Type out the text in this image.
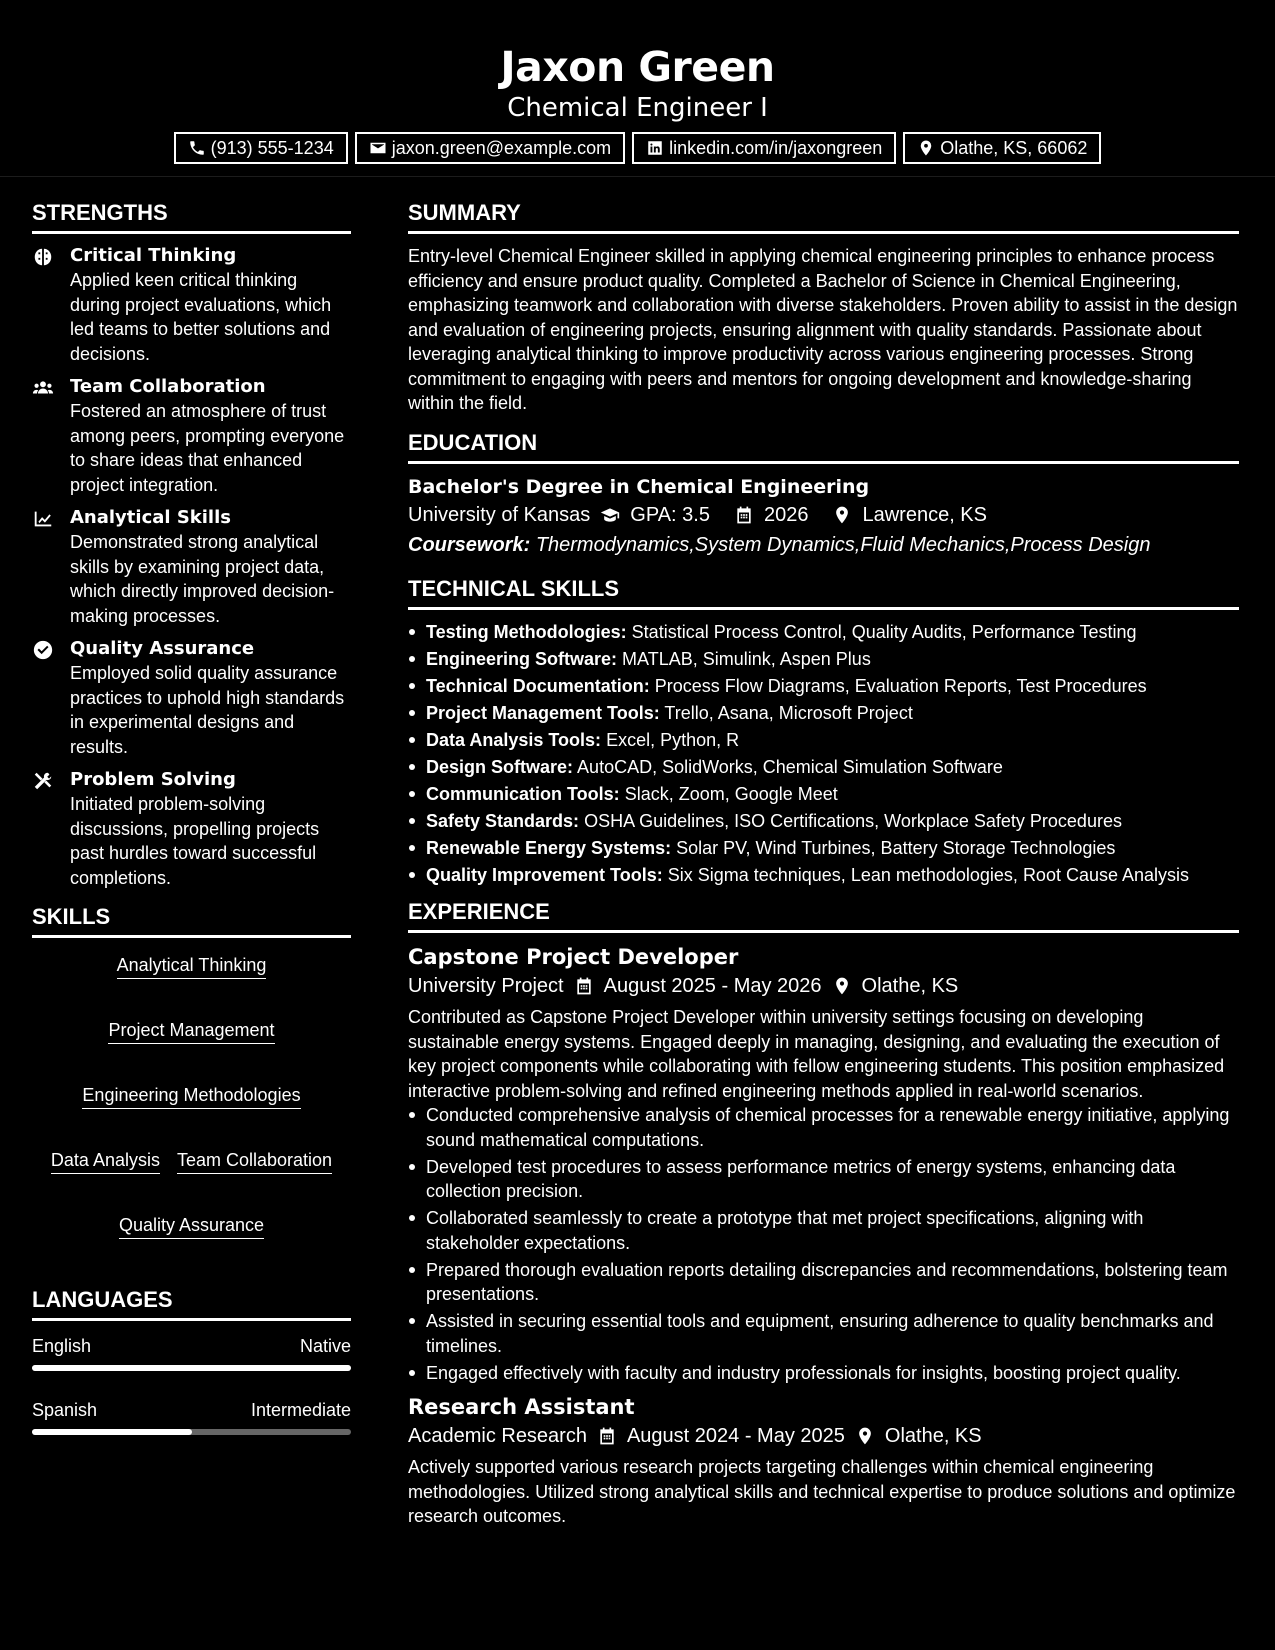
Jaxon Green
Chemical Engineer I
(913) 555-1234	jaxon.green@example.com	linkedin.com/in/jaxongreen	Olathe, KS, 66062
STRENGTHS
Critical Thinking
Applied keen critical thinking during project evaluations, which led teams to better solutions and decisions.
Team Collaboration
Fostered an atmosphere of trust among peers, prompting everyone to share ideas that enhanced project integration.
Analytical Skills
Demonstrated strong analytical skills by examining project data, which directly improved decision-making processes.
Quality Assurance
Employed solid quality assurance practices to uphold high standards in experimental designs and results.
Problem Solving
Initiated problem-solving discussions, propelling projects past hurdles toward successful completions.
SKILLS
Analytical Thinking
Project Management
Engineering Methodologies
Data Analysis Team Collaboration
Quality Assurance
LANGUAGES
English	Native
Spanish	Intermediate
SUMMARY
Entry-level Chemical Engineer skilled in applying chemical engineering principles to enhance process efficiency and ensure product quality. Completed a Bachelor of Science in Chemical Engineering, emphasizing teamwork and collaboration with diverse stakeholders. Proven ability to assist in the design and evaluation of engineering projects, ensuring alignment with quality standards. Passionate about leveraging analytical thinking to improve productivity across various engineering processes. Strong commitment to engaging with peers and mentors for ongoing development and knowledge-sharing within the field.
EDUCATION
Bachelor's Degree in Chemical Engineering
University of Kansas GPA: 3.5	2026	Lawrence, KS
Coursework: Thermodynamics,System Dynamics,Fluid Mechanics,Process Design
TECHNICAL SKILLS
Testing Methodologies: Statistical Process Control, Quality Audits, Performance Testing
Engineering Software: MATLAB, Simulink, Aspen Plus
Technical Documentation: Process Flow Diagrams, Evaluation Reports, Test Procedures
Project Management Tools: Trello, Asana, Microsoft Project
Data Analysis Tools: Excel, Python, R
Design Software: AutoCAD, SolidWorks, Chemical Simulation Software
Communication Tools: Slack, Zoom, Google Meet
Safety Standards: OSHA Guidelines, ISO Certifications, Workplace Safety Procedures
Renewable Energy Systems: Solar PV, Wind Turbines, Battery Storage Technologies
Quality Improvement Tools: Six Sigma techniques, Lean methodologies, Root Cause Analysis
EXPERIENCE
Capstone Project Developer
University Project August 2025 - May 2026 Olathe, KS
Contributed as Capstone Project Developer within university settings focusing on developing sustainable energy systems. Engaged deeply in managing, designing, and evaluating the execution of key project components while collaborating with fellow engineering students. This position emphasized interactive problem-solving and refined engineering methods applied in real-world scenarios.
Conducted comprehensive analysis of chemical processes for a renewable energy initiative, applying sound mathematical computations.
Developed test procedures to assess performance metrics of energy systems, enhancing data collection precision.
Collaborated seamlessly to create a prototype that met project specifications, aligning with stakeholder expectations.
Prepared thorough evaluation reports detailing discrepancies and recommendations, bolstering team presentations.
Assisted in securing essential tools and equipment, ensuring adherence to quality benchmarks and timelines.
Engaged effectively with faculty and industry professionals for insights, boosting project quality.
Research Assistant
Academic Research August 2024 - May 2025 Olathe, KS
Actively supported various research projects targeting challenges within chemical engineering methodologies. Utilized strong analytical skills and technical expertise to produce solutions and optimize research outcomes.
